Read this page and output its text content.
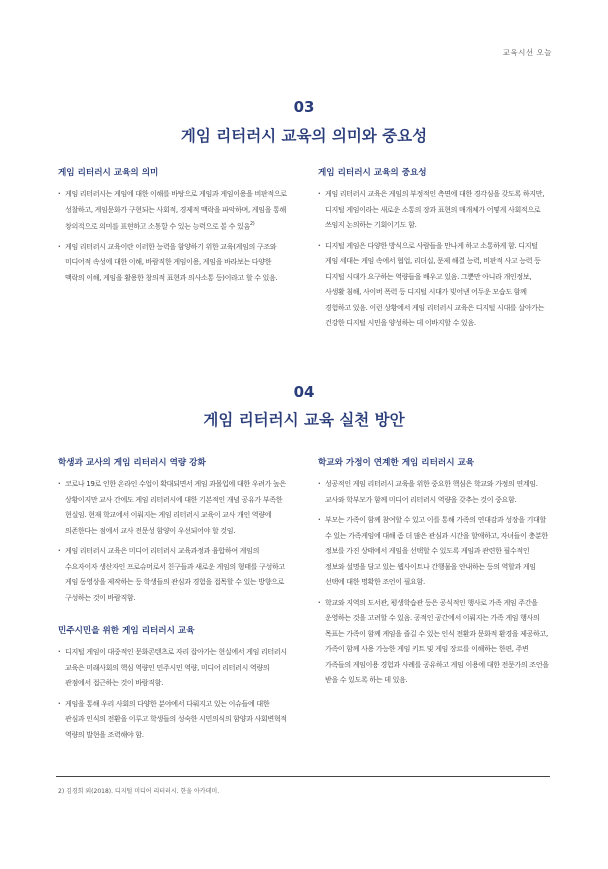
교육시선 오늘
03
게임 리터러시 교육의 의미와 중요성
게임 리터러시 교육의 의미
· 게임 리터러시는 게임에 대한 이해를 바탕으로 게임과 게임이용을 비판적으로 성찰하고, 게임문화가 구현되는 사회적, 경제적 맥락을 파악하며, 게임을 통해 창의적으로 의미를 표현하고 소통할 수 있는 능력으로 볼 수 있음$^{2)}$
· 게임 리터러시 교육이란 이러한 능력을 함양하기 위한 교육(게임의 구조와 미디어적 속성에 대한 이해, 바람직한 게임이용, 게임을 바라보는 다양한 맥락의 이해, 게임을 활용한 창의적 표현과 의사소통 등)이라고 할 수 있음.
게임 리터러시 교육의 중요성
· 게임 리터러시 교육은 게임의 부정적인 측면에 대한 경각심을 갖도록 하지만, 디지털 게임이라는 새로운 소통의 장과 표현의 매개체가 어떻게 사회적으로 쓰임지 논의하는 기회이기도 함.
· 디지털 게임은 다양한 방식으로 사람들을 만나게 하고 소통하게 함. 디지털 게임 세대는 게임 속에서 협업, 리더십, 문제 해결 능력, 비판적 사고 능력 등 디지털 시대가 요구하는 역량들을 배우고 있음. 그뿐만 아니라 개인정보, 사생활 침해, 사이버 폭력 등 디지털 시대가 빚어낸 어두운 모습도 함께 경험하고 있음. 이런 상황에서 게임 리터러시 교육은 디지털 시대를 살아가는 건강한 디지털 시민을 양성하는 데 이바지할 수 있음.
04
게임 리터러시 교육 실천 방안
학생과 교사의 게임 리터러시 역량 강화
· 코로나 19로 인한 온라인 수업이 확대되면서 게임 과몰입에 대한 우려가 높은 상황이지만 교사 간에도 게임 리터러시에 대한 기본적인 개념 공유가 부족한 현실임. 현재 학교에서 이뤄지는 게임 리터러시 교육이 교사 개인 역량에 의존한다는 점에서 교사 전문성 함양이 우선되어야 할 것임.
· 게임 리터러시 교육은 미디어 리터러시 교육과정과 융합하여 게임의 수요자이자 생산자인 프로슈머로서 친구들과 새로운 게임의 형태를 구성하고 게임 동영상을 제작하는 등 학생들의 관심과 경험을 접목할 수 있는 방향으로 구성하는 것이 바람직함.
민주시민을 위한 게임 리터러시 교육
· 디지털 게임이 대중적인 문화콘텐츠로 자리 잡아가는 현실에서 게임 리터러시 교육은 미래사회의 핵심 역량인 민주시민 역량, 미디어 리터러시 역량의 관점에서 접근하는 것이 바람직함.
· 게임을 통해 우리 사회의 다양한 분야에서 다뤄지고 있는 이슈들에 대한 관심과 인식의 전환을 이루고 학생들의 성숙한 시민의식의 함양과 사회변혁적 역량의 발현을 조력해야 함.
학교와 가정이 연계한 게임 리터러시 교육
· 성공적인 게임 리터러시 교육을 위한 중요한 핵심은 학교와 가정의 연계임. 교사와 학부모가 함께 미디어 리터러시 역량을 갖추는 것이 중요함.
· 부모는 가족이 함께 참여할 수 있고 이를 통해 가족의 연대감과 성장을 기대할 수 있는 가족게임에 대해 좀 더 많은 관심과 시간을 할애하고, 자녀들이 충분한 정보를 가진 상태에서 게임을 선택할 수 있도록 게임과 관련한 필수적인 정보와 설명을 담고 있는 웹사이트나 간행물을 안내하는 등의 역할과 게임 선택에 대한 명확한 조언이 필요함.
· 학교와 지역의 도서관, 평생학습관 등은 공식적인 행사로 가족 게임 주간을 운영하는 것을 고려할 수 있음. 공적인 공간에서 이뤄지는 가족 게임 행사의 목표는 가족이 함께 게임을 즐길 수 있는 인식 전환과 문화적 환경을 제공하고, 가족이 함께 사용 가능한 게임 키트 및 게임 장르를 이해하는 한편, 주변 가족들의 게임이용 경험과 사례를 공유하고 게임 이용에 대한 전문가의 조언을 받을 수 있도록 하는 데 있음.
2) 김경희 외(2018). 디지털 미디어 리터러시. 한울 아카데미.
